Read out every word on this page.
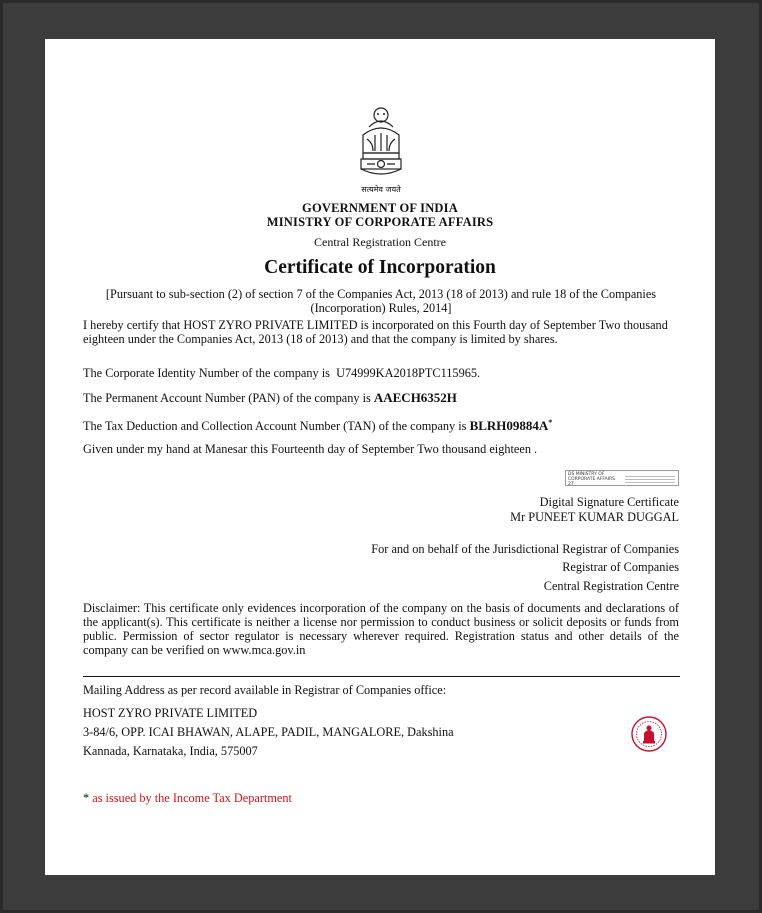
सत्यमेव जयते
GOVERNMENT OF INDIA
MINISTRY OF CORPORATE AFFAIRS
Central Registration Centre
Certificate of Incorporation
[Pursuant to sub-section (2) of section 7 of the Companies Act, 2013 (18 of 2013) and rule 18 of the Companies (Incorporation) Rules, 2014]
I hereby certify that HOST ZYRO PRIVATE LIMITED is incorporated on this Fourth day of September Two thousand eighteen under the Companies Act, 2013 (18 of 2013) and that the company is limited by shares.
The Corporate Identity Number of the company is U74999KA2018PTC115965.
The Permanent Account Number (PAN) of the company is AAECH6352H
The Tax Deduction and Collection Account Number (TAN) of the company is BLRH09884A*
Given under my hand at Manesar this Fourteenth day of September Two thousand eighteen .
DS MINISTRY OF CORPORATE AFFAIRS 27
Digital Signature Certificate
Mr PUNEET KUMAR DUGGAL
For and on behalf of the Jurisdictional Registrar of Companies
Registrar of Companies
Central Registration Centre
Disclaimer: This certificate only evidences incorporation of the company on the basis of documents and declarations of the applicant(s). This certificate is neither a license nor permission to conduct business or solicit deposits or funds from public. Permission of sector regulator is necessary wherever required. Registration status and other details of the company can be verified on www.mca.gov.in
Mailing Address as per record available in Registrar of Companies office:
HOST ZYRO PRIVATE LIMITED
3-84/6, OPP. ICAI BHAWAN, ALAPE, PADIL, MANGALORE, Dakshina
Kannada, Karnataka, India, 575007
* as issued by the Income Tax Department
